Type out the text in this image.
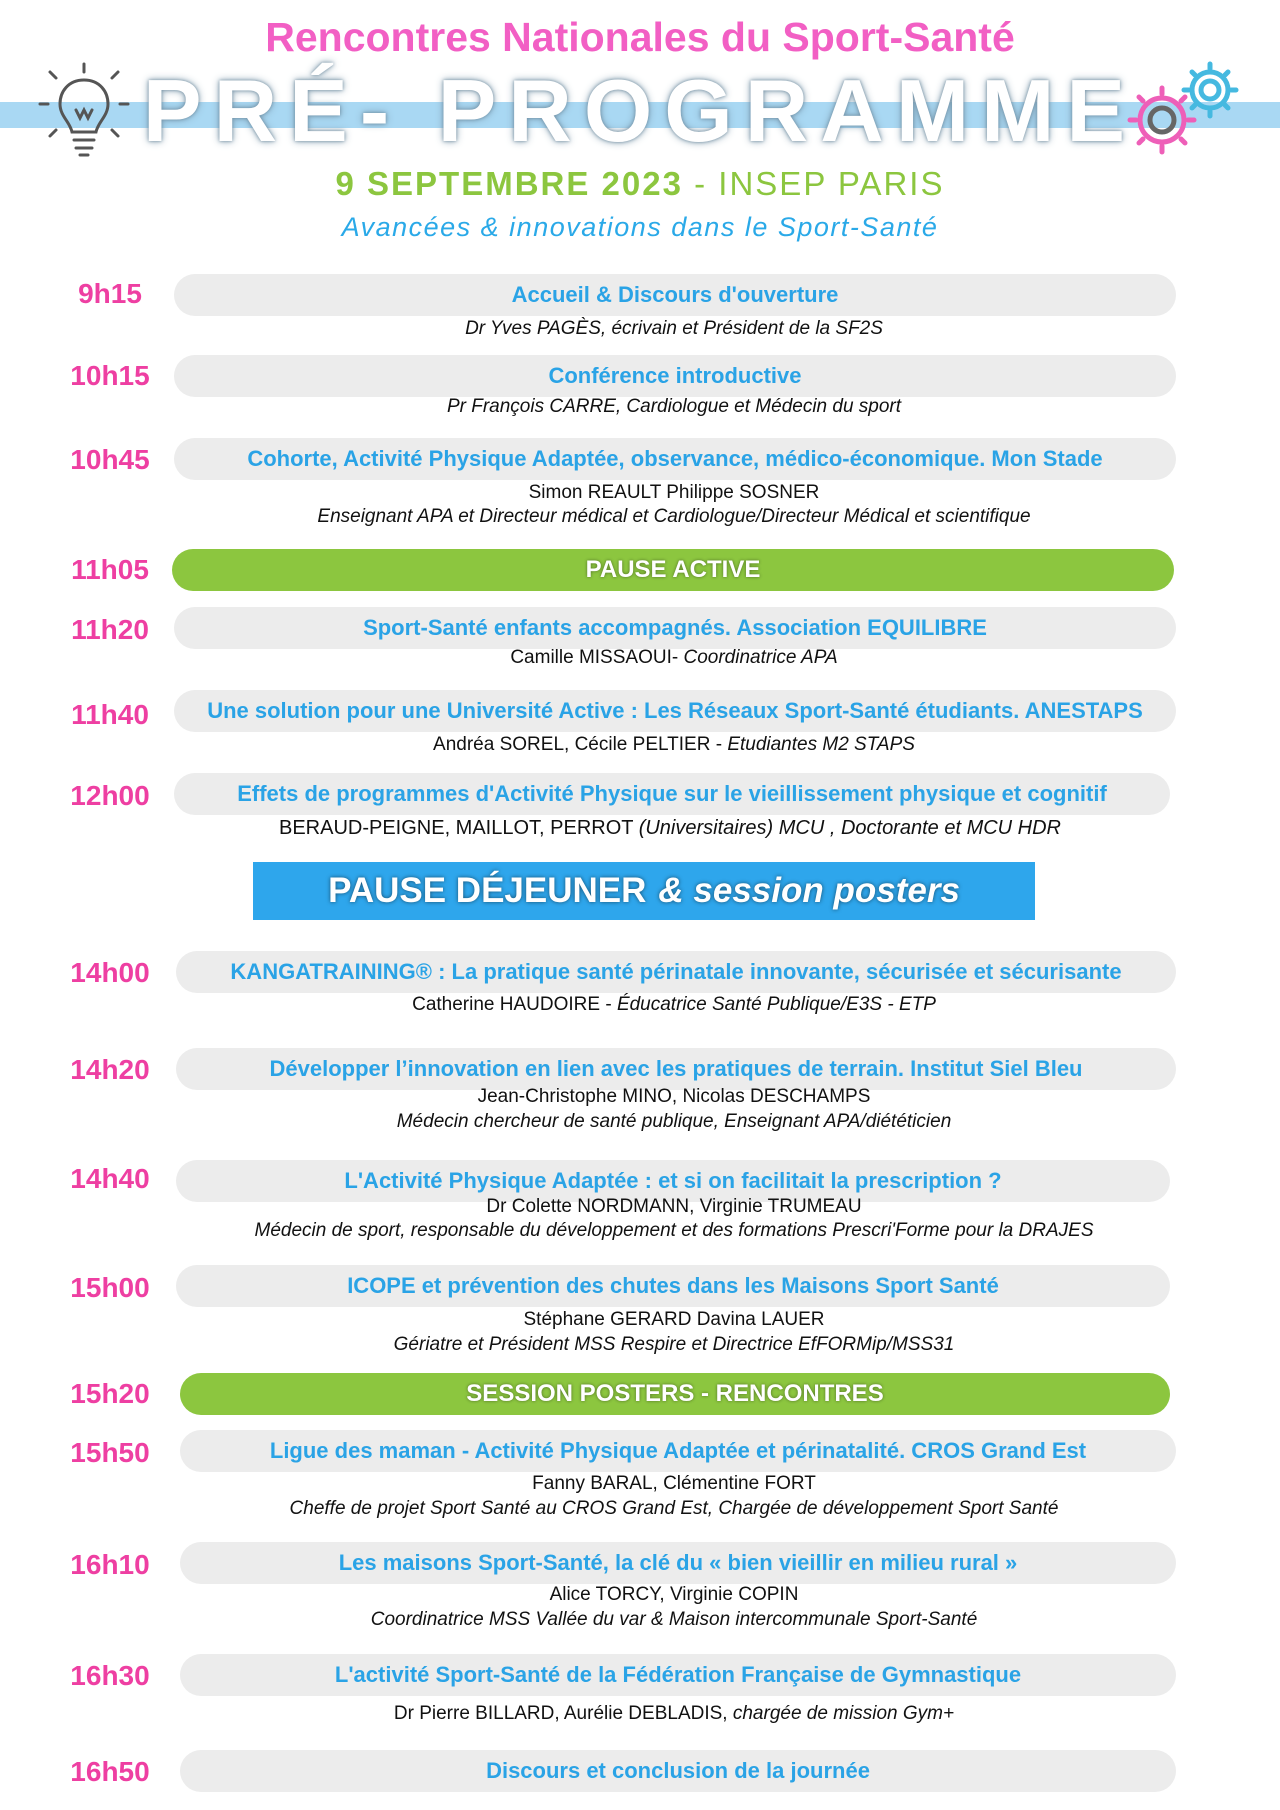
Rencontres Nationales du Sport-Santé
PRÉ- PROGRAMME
9 SEPTEMBRE 2023 - INSEP PARIS
Avancées & innovations dans le Sport-Santé
9h15	Accueil & Discours d'ouverture
Dr Yves PAGÈS, écrivain et Président de la SF2S
10h15	Conférence introductive
Pr François CARRE, Cardiologue et Médecin du sport
10h45	Cohorte, Activité Physique Adaptée, observance, médico-économique. Mon Stade
Simon REAULT Philippe SOSNER
Enseignant APA et Directeur médical et Cardiologue/Directeur Médical et scientifique
11h05	PAUSE ACTIVE
11h20	Sport-Santé enfants accompagnés. Association EQUILIBRE
Camille MISSAOUI- Coordinatrice APA
11h40	Une solution pour une Université Active : Les Réseaux Sport-Santé étudiants. ANESTAPS
Andréa SOREL, Cécile PELTIER - Etudiantes M2 STAPS
12h00	Effets de programmes d'Activité Physique sur le vieillissement physique et cognitif
BERAUD-PEIGNE, MAILLOT, PERROT (Universitaires) MCU , Doctorante et MCU HDR
PAUSE DÉJEUNER & session posters
14h00	KANGATRAINING® : La pratique santé périnatale innovante, sécurisée et sécurisante
Catherine HAUDOIRE - Éducatrice Santé Publique/E3S - ETP
14h20	Développer l’innovation en lien avec les pratiques de terrain. Institut Siel Bleu
Jean-Christophe MINO, Nicolas DESCHAMPS
Médecin chercheur de santé publique, Enseignant APA/diététicien
14h40	L'Activité Physique Adaptée : et si on facilitait la prescription ?
Dr Colette NORDMANN, Virginie TRUMEAU
Médecin de sport, responsable du développement et des formations Prescri'Forme pour la DRAJES
15h00	ICOPE et prévention des chutes dans les Maisons Sport Santé
Stéphane GERARD Davina LAUER
Gériatre et Président MSS Respire et Directrice EfFORMip/MSS31
15h20	SESSION POSTERS - RENCONTRES
15h50	Ligue des maman - Activité Physique Adaptée et périnatalité. CROS Grand Est
Fanny BARAL, Clémentine FORT
Cheffe de projet Sport Santé au CROS Grand Est, Chargée de développement Sport Santé
16h10	Les maisons Sport-Santé, la clé du « bien vieillir en milieu rural »
Alice TORCY, Virginie COPIN
Coordinatrice MSS Vallée du var & Maison intercommunale Sport-Santé
16h30	L'activité Sport-Santé de la Fédération Française de Gymnastique
Dr Pierre BILLARD, Aurélie DEBLADIS, chargée de mission Gym+
16h50	Discours et conclusion de la journée
